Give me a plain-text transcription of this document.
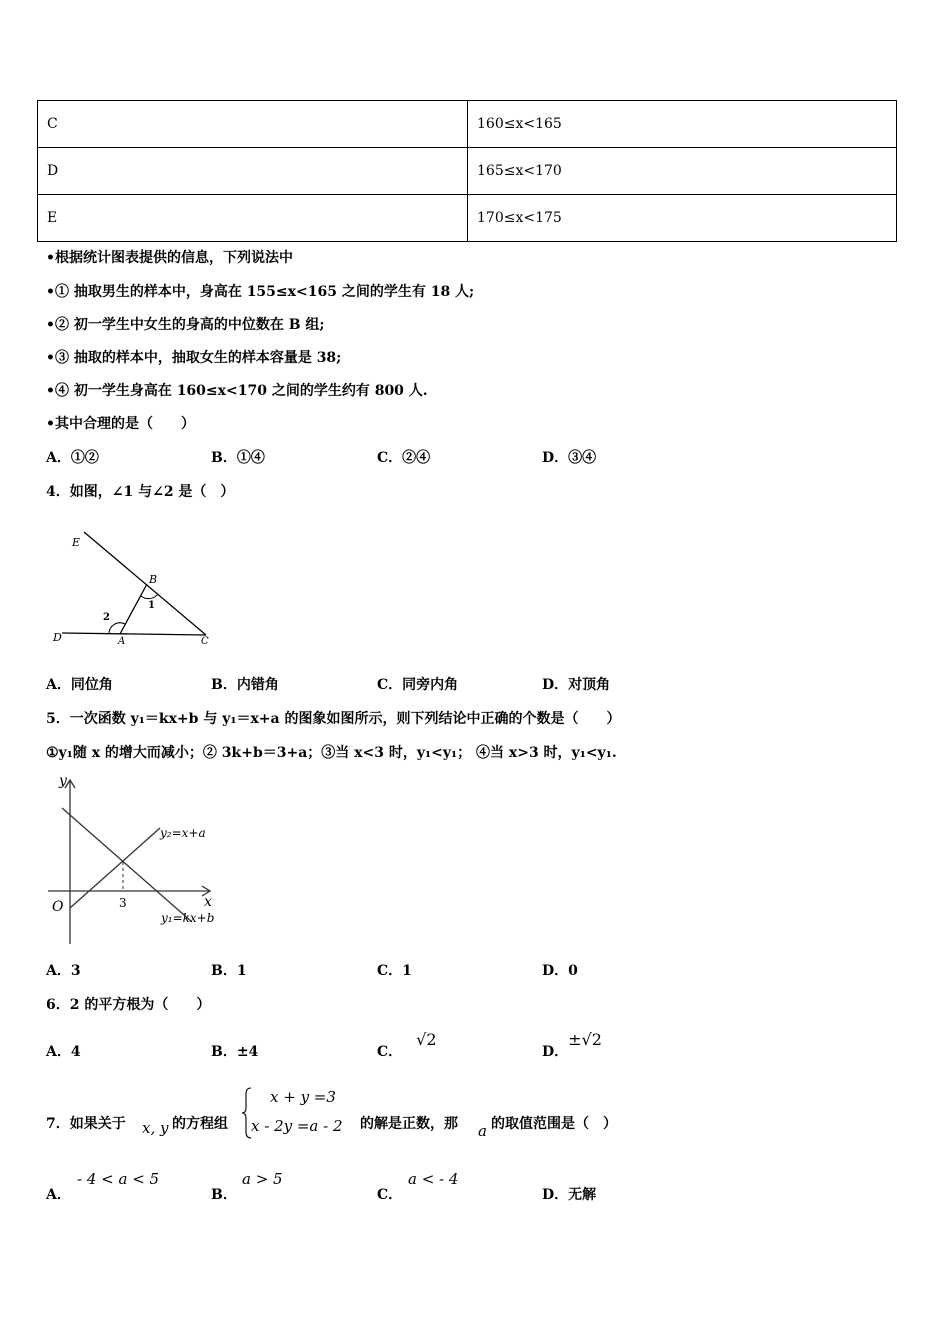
C	160≤x<165
D	165≤x<170
E	170≤x<175
•根据统计图表提供的信息，下列说法中
•① 抽取男生的样本中，身高在 155≤x<165 之间的学生有 18 人;
•② 初一学生中女生的身高的中位数在 B 组;
•③ 抽取的样本中，抽取女生的样本容量是 38;
•④ 初一学生身高在 160≤x<170 之间的学生约有 800 人.
•其中合理的是（　　）
A．①②	B．①④	C．②④	D．③④
4．如图，∠1 与∠2 是（　）
E
B
1
2
D	A	C
A．同位角	B．内错角	C．同旁内角	D．对顶角
5．一次函数 y₁＝kx+b 与 y₁＝x+a 的图象如图所示，则下列结论中正确的个数是（　　）
①y₁随 x 的增大而减小；② 3k+b＝3+a；③当 x<3 时，y₁<y₁； ④当 x>3 时，y₁<y₁.
y
x
O	3
y₂=x+a
y₁=kx+b
A．3	B．1	C．1	D．0
6．2 的平方根为（　　）
A．4	B．±4	C．√2
D．±√2
7．如果关于 x, y 的方程组
x + y =3
x - 2y =a - 2 的解是正数，那 a 的取值范围是（　）
A．
- 4 < a < 5
B．
a > 5
C．
a < - 4
D．无解
